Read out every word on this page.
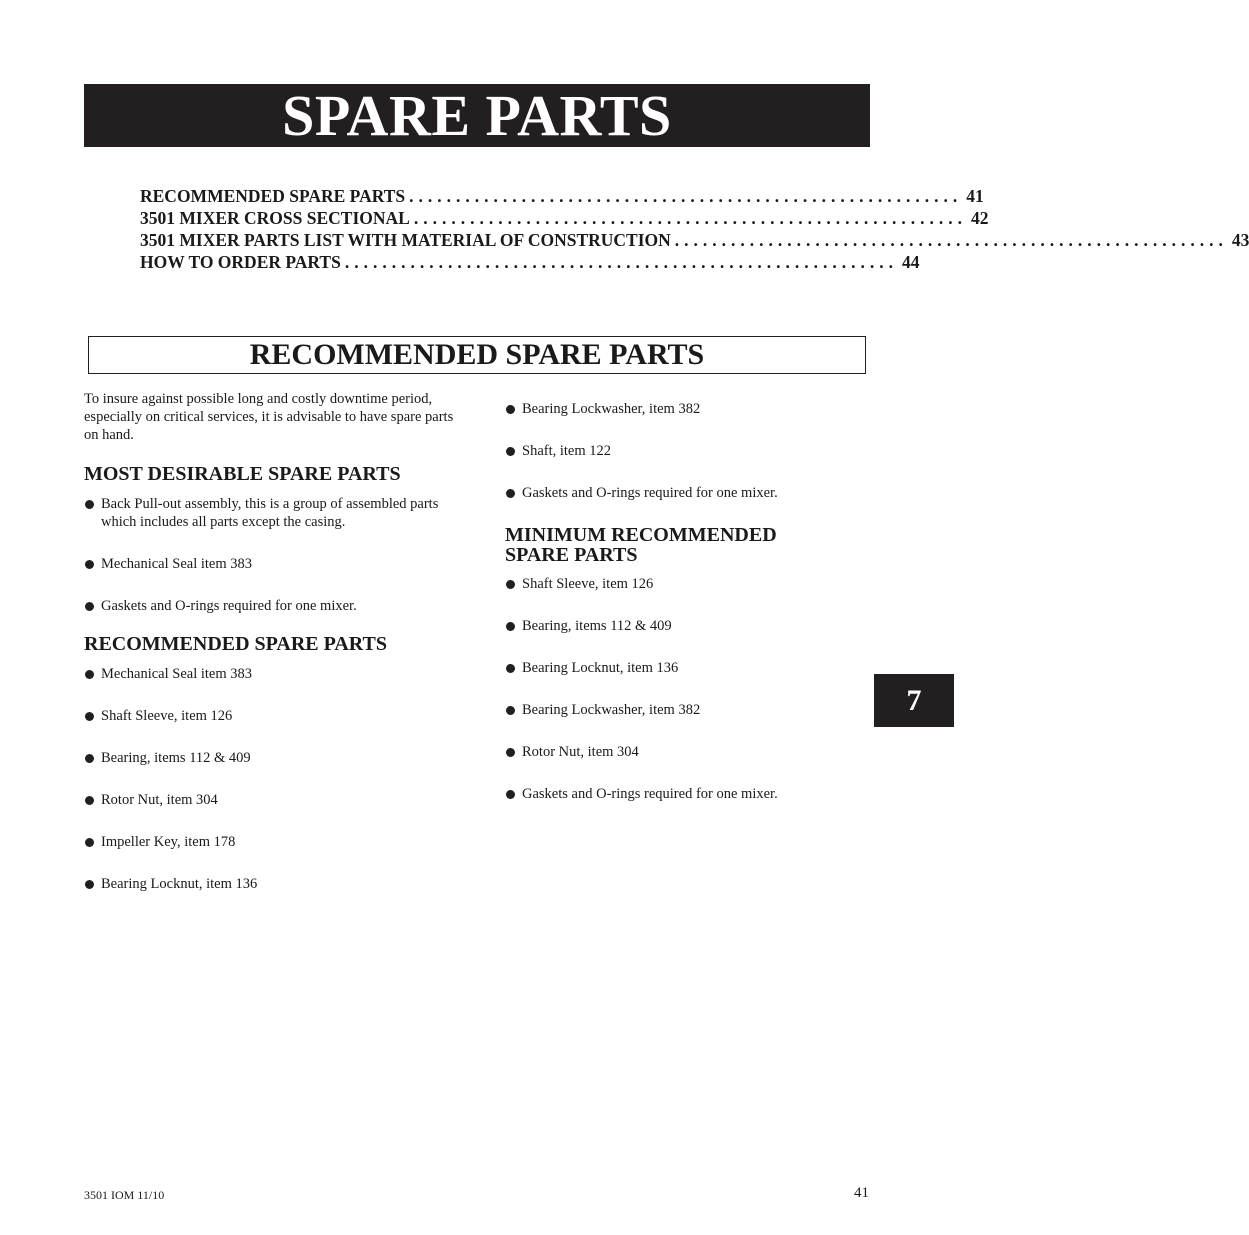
SPARE PARTS
RECOMMENDED SPARE PARTS ........................................................... 41
3501 MIXER CROSS SECTIONAL ........................................................... 42
3501 MIXER PARTS LIST WITH MATERIAL OF CONSTRUCTION ........................................................... 43
HOW TO ORDER PARTS ........................................................... 44
RECOMMENDED SPARE PARTS

To insure against possible long and costly downtime period, especially on critical services, it is advisable to have spare parts on hand.

MOST DESIRABLE SPARE PARTS
Back Pull-out assembly, this is a group of assembled parts which includes all parts except the casing.
Mechanical Seal item 383
Gaskets and O-rings required for one mixer.
RECOMMENDED SPARE PARTS
Mechanical Seal item 383
Shaft Sleeve, item 126
Bearing, items 112 & 409
Rotor Nut, item 304
Impeller Key, item 178
Bearing Locknut, item 136
Bearing Lockwasher, item 382
Shaft, item 122
Gaskets and O-rings required for one mixer.
MINIMUM RECOMMENDED
SPARE PARTS
Shaft Sleeve, item 126
Bearing, items 112 & 409
Bearing Locknut, item 136
Bearing Lockwasher, item 382
Rotor Nut, item 304
Gaskets and O-rings required for one mixer.
7
3501 IOM 11/10	41
